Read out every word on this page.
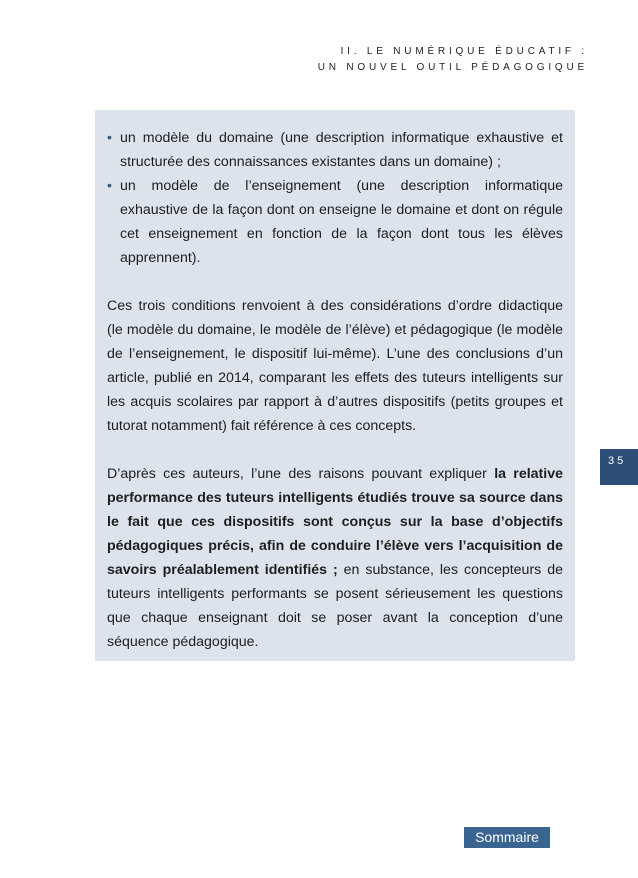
II. LE NUMÉRIQUE ÉDUCATIF :
UN NOUVEL OUTIL PÉDAGOGIQUE
• un modèle du domaine (une description informatique exhaustive et structurée des connaissances existantes dans un domaine) ;
• un modèle de l’enseignement (une description informatique exhaustive de la façon dont on enseigne le domaine et dont on régule cet enseignement en fonction de la façon dont tous les élèves apprennent).

Ces trois conditions renvoient à des considérations d’ordre didactique (le modèle du domaine, le modèle de l’élève) et pédagogique (le modèle de l’enseignement, le dispositif lui-même). L’une des conclusions d’un article, publié en 2014, comparant les effets des tuteurs intelligents sur les acquis scolaires par rapport à d’autres dispositifs (petits groupes et tutorat notamment) fait référence à ces concepts.

D’après ces auteurs, l’une des raisons pouvant expliquer la relative performance des tuteurs intelligents étudiés trouve sa source dans le fait que ces dispositifs sont conçus sur la base d’objectifs pédagogiques précis, afin de conduire l’élève vers l’acquisition de savoirs préalablement identifiés ; en substance, les concepteurs de tuteurs intelligents performants se posent sérieusement les questions que chaque enseignant doit se poser avant la conception d’une séquence pédagogique.

35
Sommaire
